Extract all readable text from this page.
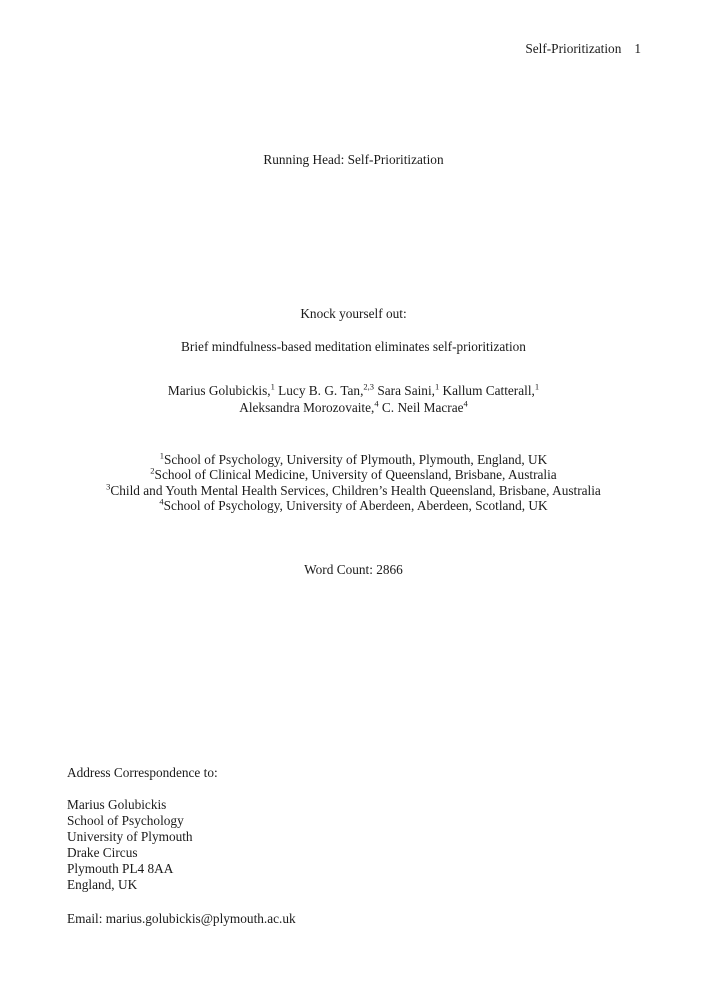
Self-Prioritization 1
Running Head: Self-Prioritization
Knock yourself out:
Brief mindfulness-based meditation eliminates self-prioritization
Marius Golubickis,$^1$ Lucy B. G. Tan,$^{2,3}$ Sara Saini,$^1$ Kallum Catterall,$^1$
Aleksandra Morozovaite,$^4$ C. Neil Macrae$^4$
$^1$School of Psychology, University of Plymouth, Plymouth, England, UK
$^2$School of Clinical Medicine, University of Queensland, Brisbane, Australia
$^3$Child and Youth Mental Health Services, Children’s Health Queensland, Brisbane, Australia
$^4$School of Psychology, University of Aberdeen, Aberdeen, Scotland, UK
Word Count: 2866
Address Correspondence to:
Marius Golubickis
School of Psychology
University of Plymouth
Drake Circus
Plymouth PL4 8AA
England, UK
Email: marius.golubickis@plymouth.ac.uk
